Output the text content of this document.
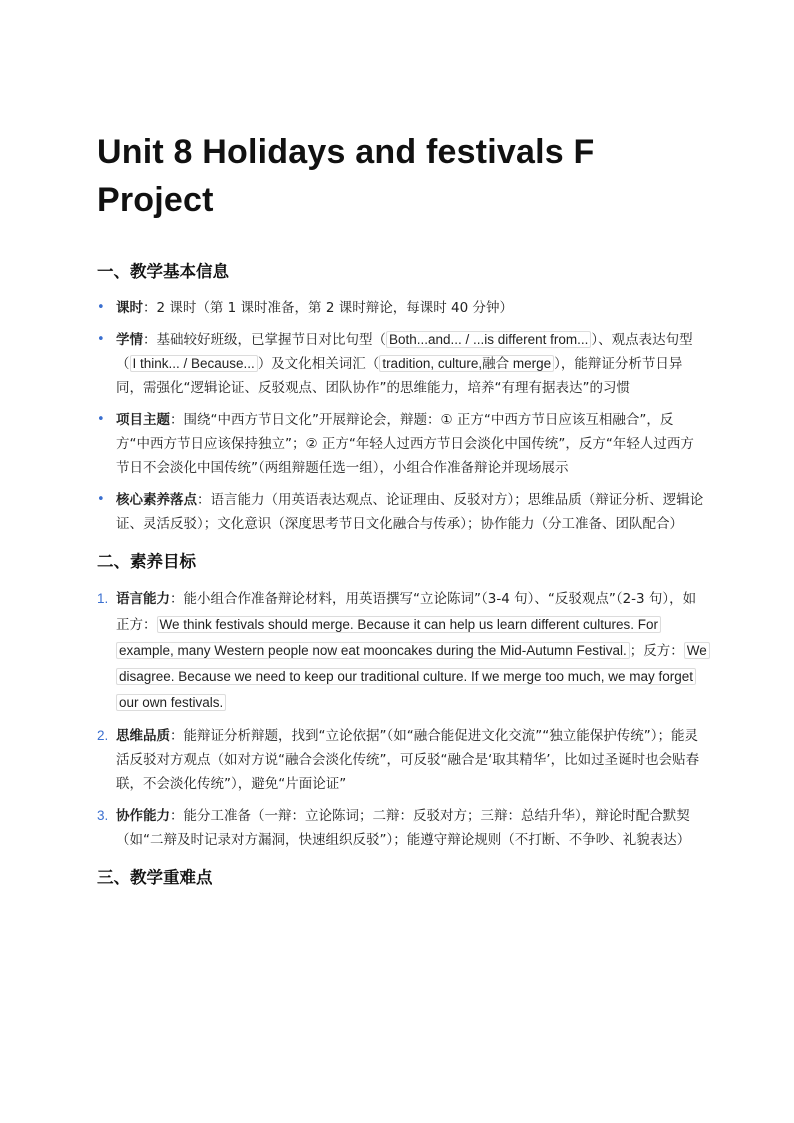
Unit 8 Holidays and festivals F Project
一、教学基本信息
• 课时：2 课时（第 1 课时准备，第 2 课时辩论，每课时 40 分钟）
• 学情：基础较好班级，已掌握节日对比句型（ Both...and... / ...is different from... ）、观点表达句型（ I think... / Because... ）及文化相关词汇（ tradition, culture,融合 merge ），能辩证分析节日异同，需强化“逻辑论证、反驳观点、团队协作”的思维能力，培养“有理有据表达”的习惯
• 项目主题：围绕“中西方节日文化”开展辩论会，辩题：① 正方“中西方节日应该互相融合”，反方“中西方节日应该保持独立”；② 正方“年轻人过西方节日会淡化中国传统”，反方“年轻人过西方节日不会淡化中国传统”（两组辩题任选一组），小组合作准备辩论并现场展示
• 核心素养落点：语言能力（用英语表达观点、论证理由、反驳对方）；思维品质（辩证分析、逻辑论证、灵活反驳）；文化意识（深度思考节日文化融合与传承）；协作能力（分工准备、团队配合）
二、素养目标
1. 语言能力：能小组合作准备辩论材料，用英语撰写“立论陈词”（3-4 句）、“反驳观点”（2-3 句），如正方： We think festivals should merge. Because it can help us learn different cultures. For example, many Western people now eat mooncakes during the Mid-Autumn Festival. ；反方： We disagree. Because we need to keep our traditional culture. If we merge too much, we may forget our own festivals.
2. 思维品质：能辩证分析辩题，找到“立论依据”（如“融合能促进文化交流”“独立能保护传统”）；能灵活反驳对方观点（如对方说“融合会淡化传统”，可反驳“融合是‘取其精华’，比如过圣诞时也会贴春联，不会淡化传统”），避免“片面论证”
3. 协作能力：能分工准备（一辩：立论陈词；二辩：反驳对方；三辩：总结升华），辩论时配合默契（如“二辩及时记录对方漏洞，快速组织反驳”）；能遵守辩论规则（不打断、不争吵、礼貌表达）
三、教学重难点
